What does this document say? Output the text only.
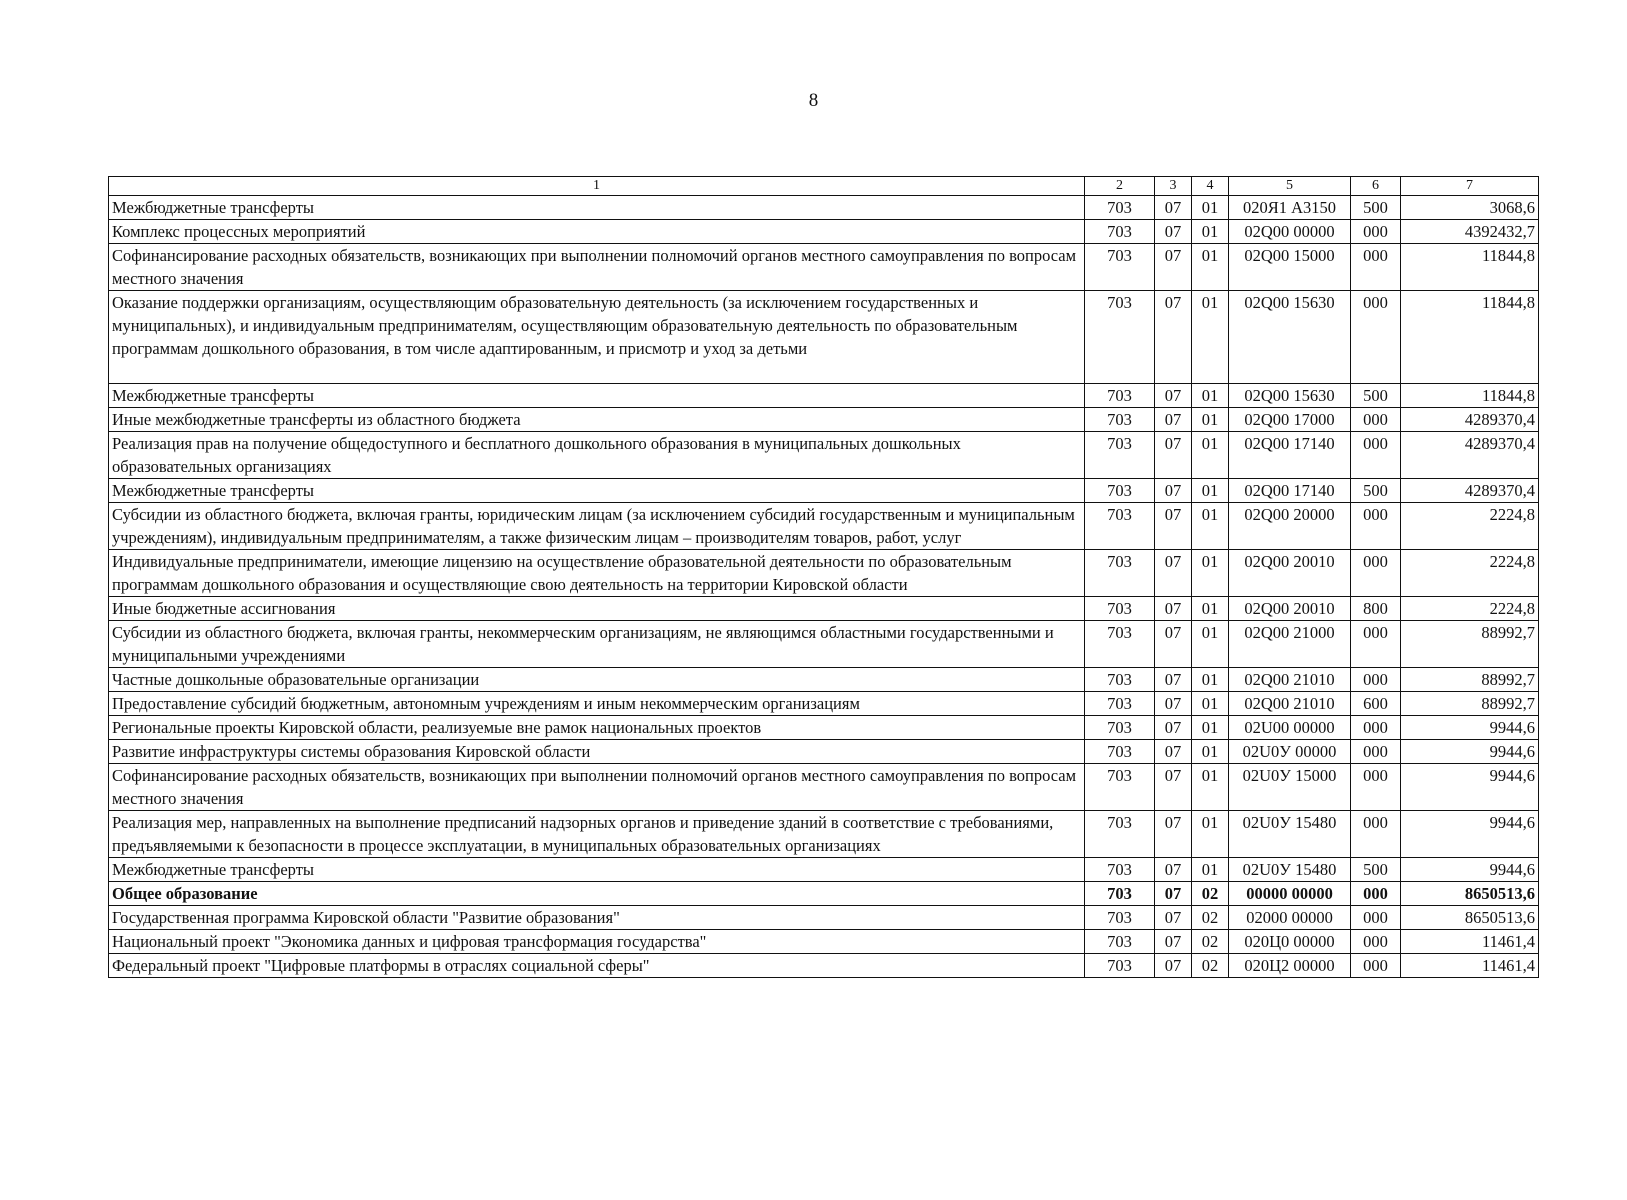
8
1	2	3	4	5	6	7
Межбюджетные трансферты	703	07	01	020Я1 А3150	500	3068,6
Комплекс процессных мероприятий	703	07	01	02Q00 00000	000	4392432,7
Софинансирование расходных обязательств, возникающих при выполнении полномочий органов местного самоуправления по вопросам местного значения	703	07	01	02Q00 15000	000	11844,8
Оказание поддержки организациям, осуществляющим образовательную деятельность (за исключением государственных и муниципальных), и индивидуальным предпринимателям, осуществляющим образовательную деятельность по образовательным программам дошкольного образования, в том числе адаптированным, и присмотр и уход за детьми	703	07	01	02Q00 15630	000	11844,8
Межбюджетные трансферты	703	07	01	02Q00 15630	500	11844,8
Иные межбюджетные трансферты из областного бюджета	703	07	01	02Q00 17000	000	4289370,4
Реализация прав на получение общедоступного и бесплатного дошкольного образования в муниципальных дошкольных образовательных организациях	703	07	01	02Q00 17140	000	4289370,4
Межбюджетные трансферты	703	07	01	02Q00 17140	500	4289370,4
Субсидии из областного бюджета, включая гранты, юридическим лицам (за исключением субсидий государственным и муниципальным учреждениям), индивидуальным предпринимателям, а также физическим лицам – производителям товаров, работ, услуг	703	07	01	02Q00 20000	000	2224,8
Индивидуальные предприниматели, имеющие лицензию на осуществление образовательной деятельности по образовательным программам дошкольного образования и осуществляющие свою деятельность на территории Кировской области	703	07	01	02Q00 20010	000	2224,8
Иные бюджетные ассигнования	703	07	01	02Q00 20010	800	2224,8
Субсидии из областного бюджета, включая гранты, некоммерческим организациям, не являющимся областными государственными и муниципальными учреждениями	703	07	01	02Q00 21000	000	88992,7
Частные дошкольные образовательные организации	703	07	01	02Q00 21010	000	88992,7
Предоставление субсидий бюджетным, автономным учреждениям и иным некоммерческим организациям	703	07	01	02Q00 21010	600	88992,7
Региональные проекты Кировской области, реализуемые вне рамок национальных проектов	703	07	01	02U00 00000	000	9944,6
Развитие инфраструктуры системы образования Кировской области	703	07	01	02U0У 00000	000	9944,6
Софинансирование расходных обязательств, возникающих при выполнении полномочий органов местного самоуправления по вопросам местного значения	703	07	01	02U0У 15000	000	9944,6
Реализация мер, направленных на выполнение предписаний надзорных органов и приведение зданий в соответствие с требованиями, предъявляемыми к безопасности в процессе эксплуатации, в муниципальных образовательных организациях	703	07	01	02U0У 15480	000	9944,6
Межбюджетные трансферты	703	07	01	02U0У 15480	500	9944,6
Общее образование	703	07	02	00000 00000	000	8650513,6
Государственная программа Кировской области "Развитие образования"	703	07	02	02000 00000	000	8650513,6
Национальный проект "Экономика данных и цифровая трансформация государства"	703	07	02	020Ц0 00000	000	11461,4
Федеральный проект "Цифровые платформы в отраслях социальной сферы"	703	07	02	020Ц2 00000	000	11461,4
